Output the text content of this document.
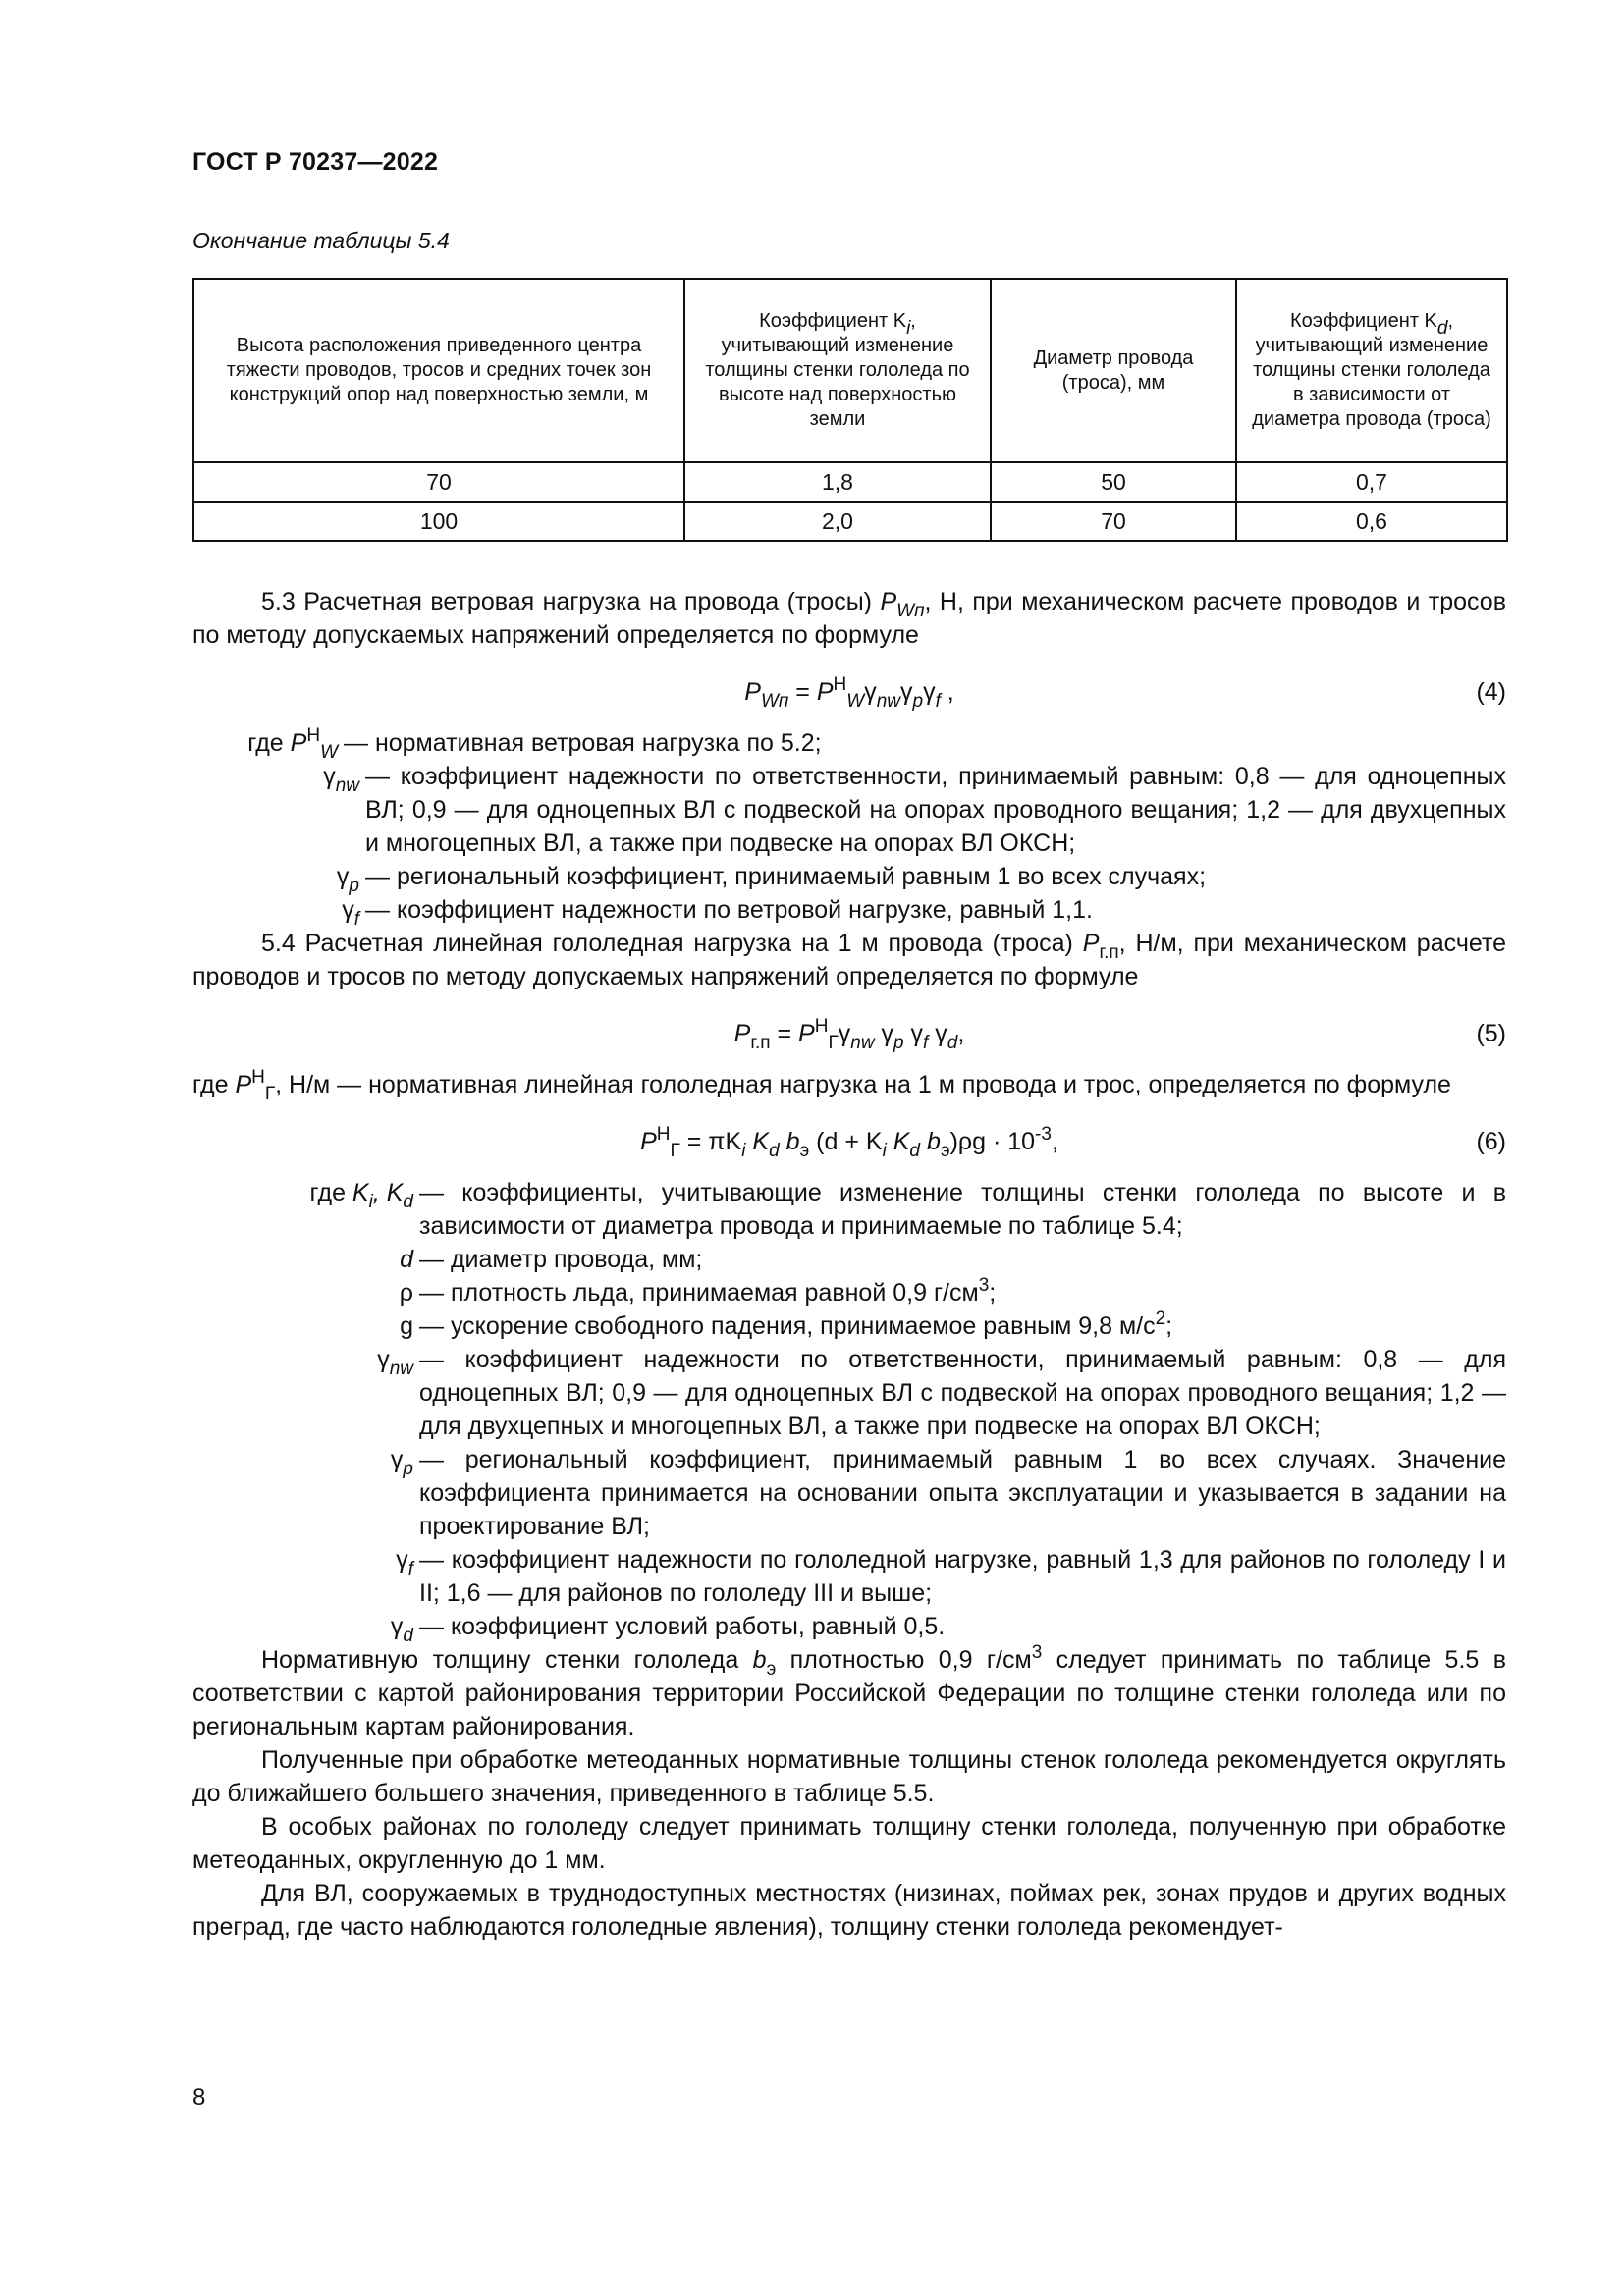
ГОСТ Р 70237—2022
Окончание таблицы 5.4
Высота расположения приведенного центра тяжести проводов, тросов и средних точек зон конструкций опор над поверхностью земли, м	Коэффициент Ki, учитывающий изменение толщины стенки гололеда по высоте над поверхностью земли	Диаметр провода (троса), мм	Коэффициент Kd, учитывающий изменение толщины стенки гололеда в зависимости от диаметра провода (троса)
70	1,8	50	0,7
100	2,0	70	0,6

5.3 Расчетная ветровая нагрузка на провода (тросы) $P_{Wп}$, Н, при механическом расчете проводов и тросов по методу допускаемых напряжений определяется по формуле

$P_{Wп} = P^Н_W\gamma_{nw}\gamma_p\gamma_f$ ,	(4)
где $P^Н_W$ — нормативная ветровая нагрузка по 5.2;
$\gamma_{nw}$ — коэффициент надежности по ответственности, принимаемый равным: 0,8 — для одноцепных ВЛ; 0,9 — для одноцепных ВЛ с подвеской на опорах проводного вещания; 1,2 — для двухцепных и многоцепных ВЛ, а также при подвеске на опорах ВЛ ОКСН;
$\gamma_p$ — региональный коэффициент, принимаемый равным 1 во всех случаях;
$\gamma_f$ — коэффициент надежности по ветровой нагрузке, равный 1,1.

5.4 Расчетная линейная гололедная нагрузка на 1 м провода (троса) $P_{г.п}$, Н/м, при механическом расчете проводов и тросов по методу допускаемых напряжений определяется по формуле

$P_{г.п} = P^Н_Г\gamma_{nw}$ $\gamma_p$ $\gamma_f$ $\gamma_d$,	(5)

где $P^Н_Г$, Н/м — нормативная линейная гололедная нагрузка на 1 м провода и трос, определяется по формуле

$P^Н_Г = \pi K_i$ $K_d$ $b_э$ ($d + K_i$ $K_d$ $b_э)\rho g \cdot 10^{-3}$,	(6)
где $K_i$, $K_d$ — коэффициенты, учитывающие изменение толщины стенки гололеда по высоте и в зависимости от диаметра провода и принимаемые по таблице 5.4;
d — диаметр провода, мм;
ρ — плотность льда, принимаемая равной 0,9 $г/см^3$;
g — ускорение свободного падения, принимаемое равным 9,8 $м/с^2$;
$\gamma_{nw}$ — коэффициент надежности по ответственности, принимаемый равным: 0,8 — для одноцепных ВЛ; 0,9 — для одноцепных ВЛ с подвеской на опорах проводного вещания; 1,2 — для двухцепных и многоцепных ВЛ, а также при подвеске на опорах ВЛ ОКСН;
$\gamma_p$ — региональный коэффициент, принимаемый равным 1 во всех случаях. Значение коэффициента принимается на основании опыта эксплуатации и указывается в задании на проектирование ВЛ;
$\gamma_f$ — коэффициент надежности по гололедной нагрузке, равный 1,3 для районов по гололеду I и II; 1,6 — для районов по гололеду III и выше;
$\gamma_d$ — коэффициент условий работы, равный 0,5.

Нормативную толщину стенки гололеда $b_э$ плотностью 0,9 $г/см^3$ следует принимать по таблице 5.5 в соответствии с картой районирования территории Российской Федерации по толщине стенки гололеда или по региональным картам районирования.

Полученные при обработке метеоданных нормативные толщины стенок гололеда рекомендуется округлять до ближайшего большего значения, приведенного в таблице 5.5.

В особых районах по гололеду следует принимать толщину стенки гололеда, полученную при обработке метеоданных, округленную до 1 мм.

Для ВЛ, сооружаемых в труднодоступных местностях (низинах, поймах рек, зонах прудов и других водных преград, где часто наблюдаются гололедные явления), толщину стенки гололеда рекомендует-

8
